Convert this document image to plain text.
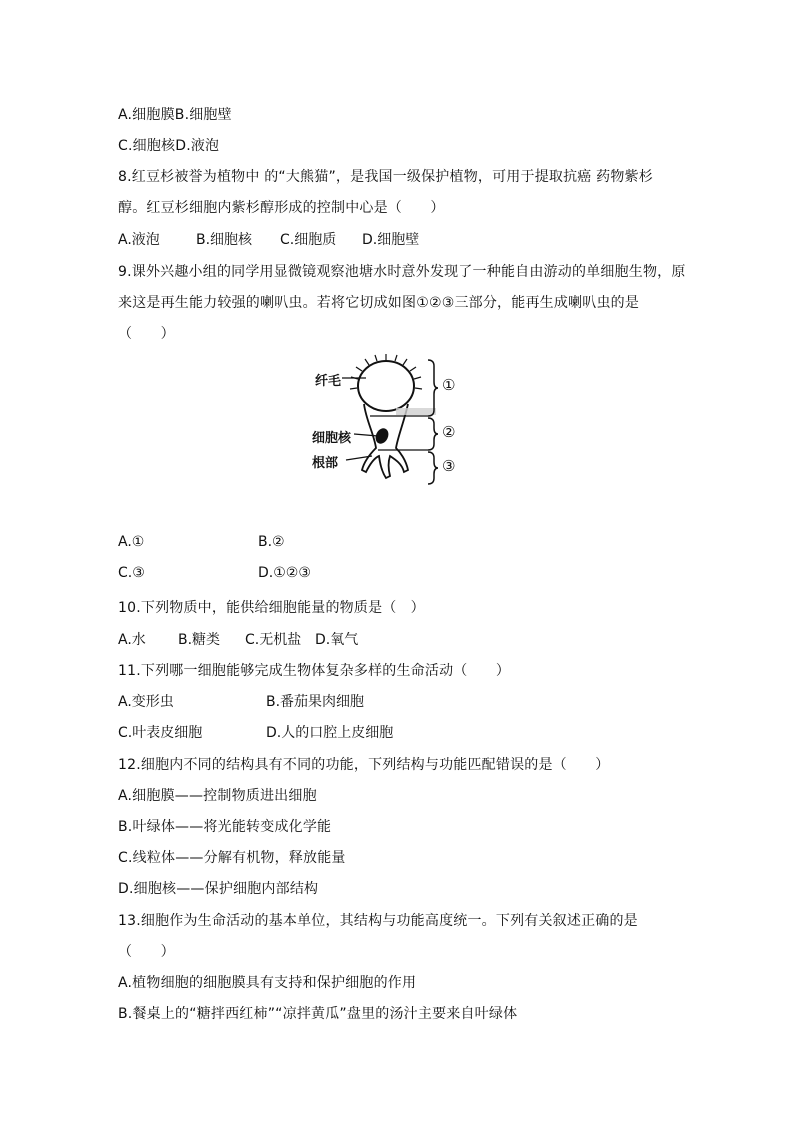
A.细胞膜B.细胞壁
C.细胞核D.液泡
8.红豆杉被誉为植物中 的“大熊猫”，是我国一级保护植物，可用于提取抗癌 药物紫杉
醇。红豆杉细胞内紫杉醇形成的控制中心是（　　）
A.液泡	B.细胞核 C.细胞质 D.细胞壁
9.课外兴趣小组的同学用显微镜观察池塘水时意外发现了一种能自由游动的单细胞生物，原
来这是再生能力较强的喇叭虫。若将它切成如图①②③三部分，能再生成喇叭虫的是
（　　）
纤毛
细胞核
根部
①
②
③
A.①	B.②
C.③	D.①②③
10.下列物质中，能供给细胞能量的物质是（　）
A.水 B.糖类 C.无机盐 D.氧气
11.下列哪一细胞能够完成生物体复杂多样的生命活动（　　）
A.变形虫	B.番茄果肉细胞
C.叶表皮细胞	D.人的口腔上皮细胞
12.细胞内不同的结构具有不同的功能，下列结构与功能匹配错误的是（　　）
A.细胞膜——控制物质进出细胞
B.叶绿体——将光能转变成化学能
C.线粒体——分解有机物，释放能量
D.细胞核——保护细胞内部结构
13.细胞作为生命活动的基本单位，其结构与功能高度统一。下列有关叙述正确的是
（　　）
A.植物细胞的细胞膜具有支持和保护细胞的作用
B.餐桌上的“糖拌西红柿”“凉拌黄瓜”盘里的汤汁主要来自叶绿体
